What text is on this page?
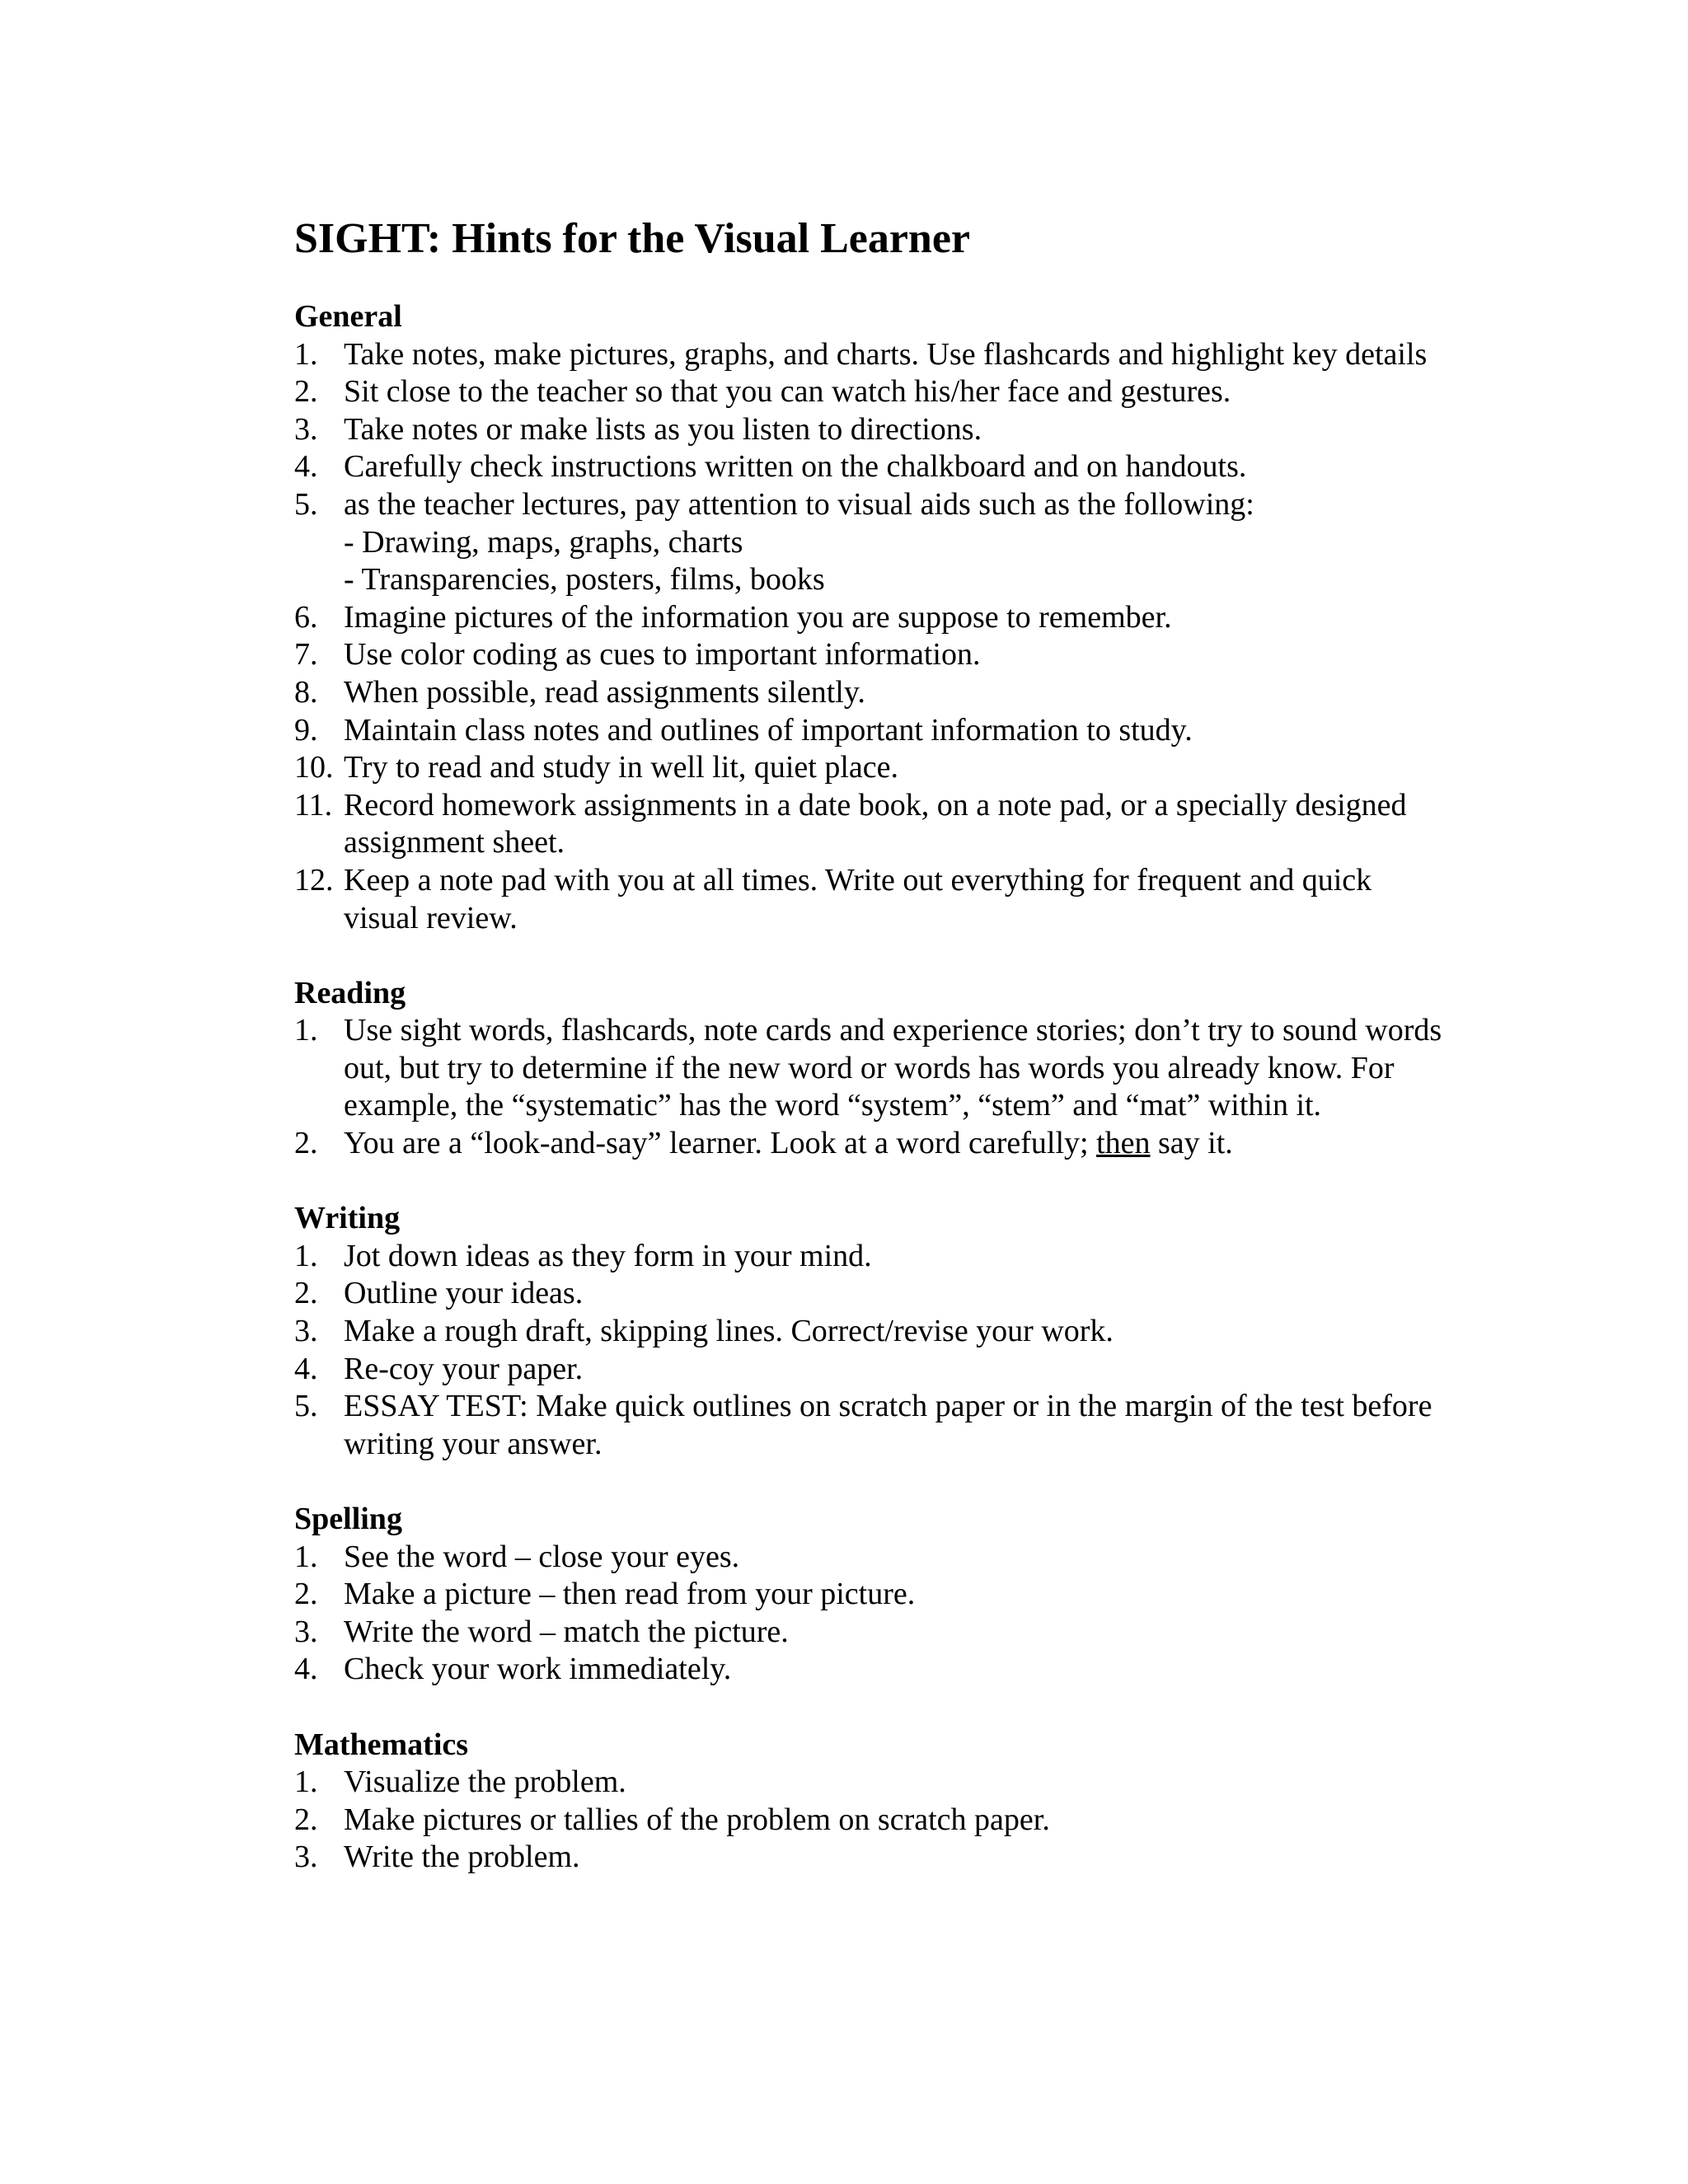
SIGHT: Hints for the Visual Learner
General
1. Take notes, make pictures, graphs, and charts. Use flashcards and highlight key details
2. Sit close to the teacher so that you can watch his/her face and gestures.
3. Take notes or make lists as you listen to directions.
4. Carefully check instructions written on the chalkboard and on handouts.
5. as the teacher lectures, pay attention to visual aids such as the following:
- Drawing, maps, graphs, charts
- Transparencies, posters, films, books
6. Imagine pictures of the information you are suppose to remember.
7. Use color coding as cues to important information.
8. When possible, read assignments silently.
9. Maintain class notes and outlines of important information to study.
10. Try to read and study in well lit, quiet place.
11. Record homework assignments in a date book, on a note pad, or a specially designed assignment sheet.
12. Keep a note pad with you at all times. Write out everything for frequent and quick visual review.
Reading
1. Use sight words, flashcards, note cards and experience stories; don’t try to sound words out, but try to determine if the new word or words has words you already know. For example, the “systematic” has the word “system”, “stem” and “mat” within it.
2. You are a “look-and-say” learner. Look at a word carefully; then say it.
Writing
1. Jot down ideas as they form in your mind.
2. Outline your ideas.
3. Make a rough draft, skipping lines. Correct/revise your work.
4. Re-coy your paper.
5. ESSAY TEST: Make quick outlines on scratch paper or in the margin of the test before writing your answer.
Spelling
1. See the word – close your eyes.
2. Make a picture – then read from your picture.
3. Write the word – match the picture.
4. Check your work immediately.
Mathematics
1. Visualize the problem.
2. Make pictures or tallies of the problem on scratch paper.
3. Write the problem.
